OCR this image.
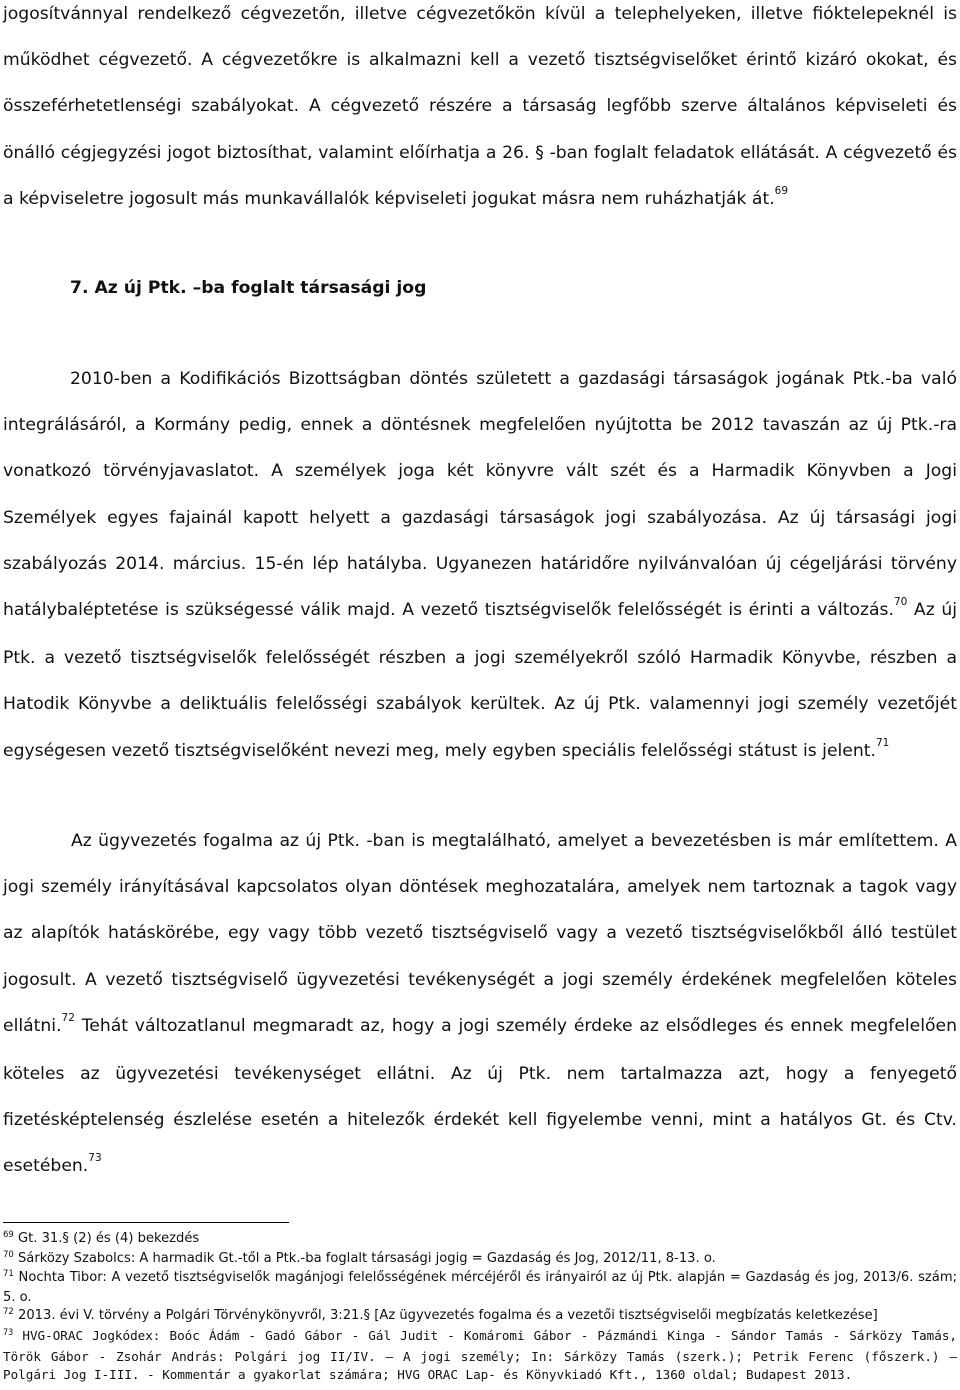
jogosítvánnyal rendelkező cégvezetőn, illetve cégvezetőkön kívül a telephelyeken, illetve fióktelepeknél is működhet cégvezető. A cégvezetőkre is alkalmazni kell a vezető tisztségviselőket érintő kizáró okokat, és összeférhetetlenségi szabályokat. A cégvezető részére a társaság legfőbb szerve általános képviseleti és önálló cégjegyzési jogot biztosíthat, valamint előírhatja a 26. § -ban foglalt feladatok ellátását. A cégvezető és a képviseletre jogosult más munkavállalók képviseleti jogukat másra nem ruházhatják át.$^{69}$

7. Az új Ptk. –ba foglalt társasági jog

2010-ben a Kodifikációs Bizottságban döntés született a gazdasági társaságok jogának Ptk.-ba való integrálásáról, a Kormány pedig, ennek a döntésnek megfelelően nyújtotta be 2012 tavaszán az új Ptk.-ra vonatkozó törvényjavaslatot. A személyek joga két könyvre vált szét és a Harmadik Könyvben a Jogi Személyek egyes fajainál kapott helyett a gazdasági társaságok jogi szabályozása. Az új társasági jogi szabályozás 2014. március. 15-én lép hatályba. Ugyanezen határidőre nyilvánvalóan új cégeljárási törvény hatálybaléptetése is szükségessé válik majd. A vezető tisztségviselők felelősségét is érinti a változás.$^{70}$ Az új Ptk. a vezető tisztségviselők felelősségét részben a jogi személyekről szóló Harmadik Könyvbe, részben a Hatodik Könyvbe a deliktuális felelősségi szabályok kerültek. Az új Ptk. valamennyi jogi személy vezetőjét egységesen vezető tisztségviselőként nevezi meg, mely egyben speciális felelősségi státust is jelent.$^{71}$

Az ügyvezetés fogalma az új Ptk. -ban is megtalálható, amelyet a bevezetésben is már említettem. A jogi személy irányításával kapcsolatos olyan döntések meghozatalára, amelyek nem tartoznak a tagok vagy az alapítók hatáskörébe, egy vagy több vezető tisztségviselő vagy a vezető tisztségviselőkből álló testület jogosult. A vezető tisztségviselő ügyvezetési tevékenységét a jogi személy érdekének megfelelően köteles ellátni.$^{72}$ Tehát változatlanul megmaradt az, hogy a jogi személy érdeke az elsődleges és ennek megfelelően köteles az ügyvezetési tevékenységet ellátni. Az új Ptk. nem tartalmazza azt, hogy a fenyegető fizetésképtelenség észlelése esetén a hitelezők érdekét kell figyelembe venni, mint a hatályos Gt. és Ctv. esetében.$^{73}$

$^{69}$ Gt. 31.§ (2) és (4) bekezdés

$^{70}$ Sárközy Szabolcs: A harmadik Gt.-től a Ptk.-ba foglalt társasági jogig = Gazdaság és Jog, 2012/11, 8-13. o.

$^{71}$ Nochta Tibor: A vezető tisztségviselők magánjogi felelősségének mércéjéről és irányairól az új Ptk. alapján = Gazdaság és jog, 2013/6. szám; 5. o.

$^{72}$ 2013. évi V. törvény a Polgári Törvénykönyvről, 3:21.§ [Az ügyvezetés fogalma és a vezetői tisztségviselői megbízatás keletkezése]

$^{73}$ HVG-ORAC Jogkódex: Boóc Ádám - Gadó Gábor - Gál Judit - Komáromi Gábor - Pázmándi Kinga - Sándor Tamás - Sárközy Tamás, Török Gábor - Zsohár András: Polgári jog II/IV. – A jogi személy; In: Sárközy Tamás (szerk.); Petrik Ferenc (főszerk.) – Polgári Jog I-III. - Kommentár a gyakorlat számára; HVG ORAC Lap- és Könyvkiadó Kft., 1360 oldal; Budapest 2013.
